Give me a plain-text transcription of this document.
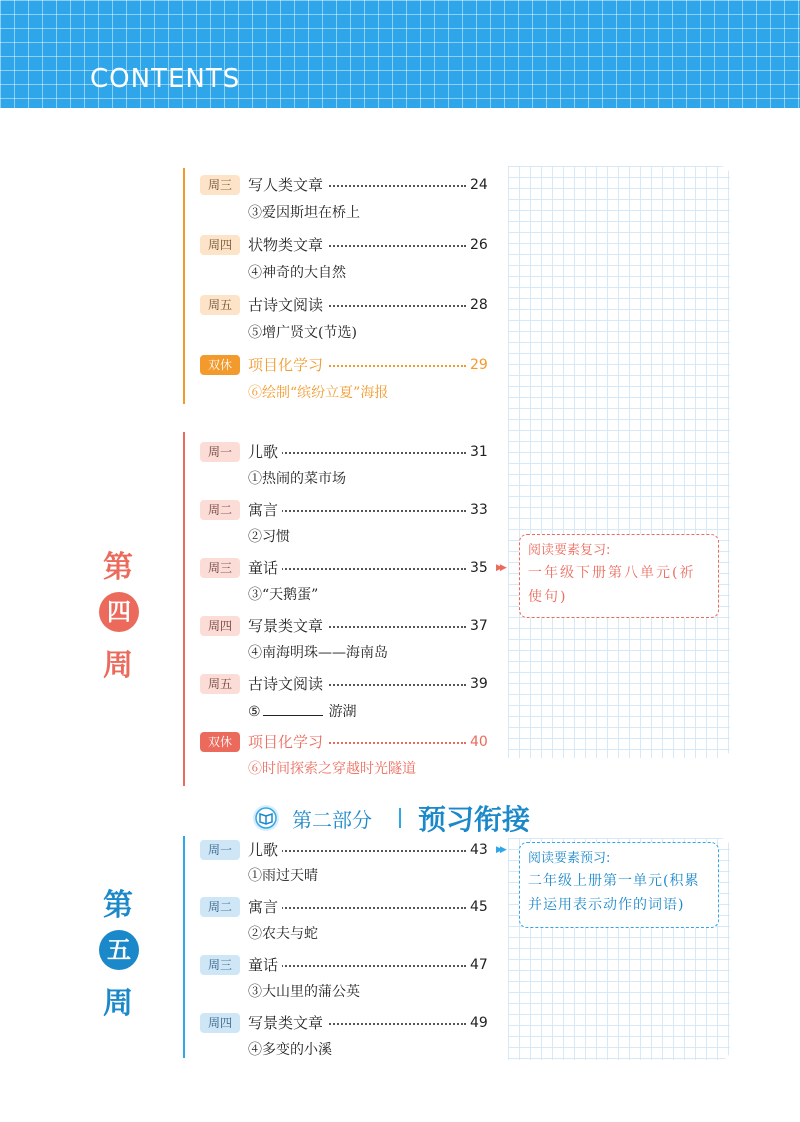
CONTENTS
周三	写人类文章	24
③爱因斯坦在桥上
周四	状物类文章	26
④神奇的大自然
周五	古诗文阅读	28
⑤增广贤文(节选)
双休	项目化学习	29
⑥绘制“缤纷立夏”海报
第
四
周
周一	儿歌	31
①热闹的菜市场
周二	寓言	33
②习惯
周三	童话	35 ▶▶
③“天鹅蛋”
周四	写景类文章	37
④南海明珠——海南岛
周五	古诗文阅读	39
⑤	游湖
双休	项目化学习	40
⑥时间探索之穿越时光隧道
阅读要素复习:
一年级下册第八单元(祈使句)
第二部分 预习衔接
第
五
周
周一	儿歌	43 ▶▶
①雨过天晴
周二	寓言	45
②农夫与蛇
周三	童话	47
③大山里的蒲公英
周四	写景类文章	49
④多变的小溪
阅读要素预习:
二年级上册第一单元(积累并运用表示动作的词语)
